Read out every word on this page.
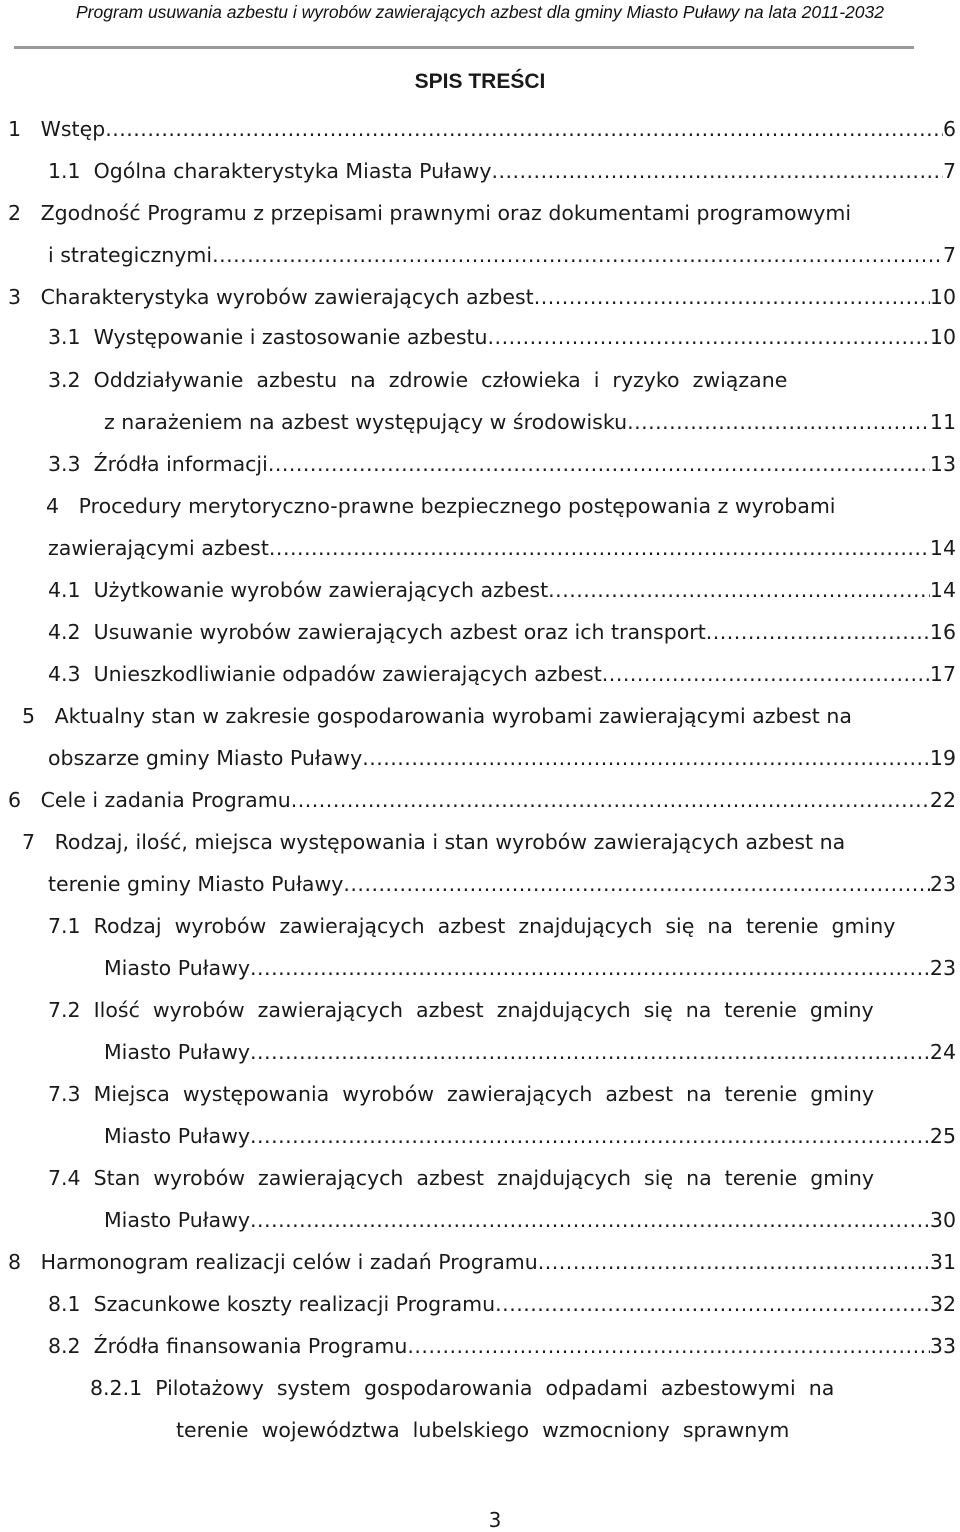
Program usuwania azbestu i wyrobów zawierających azbest dla gminy Miasto Puławy na lata 2011-2032
SPIS TREŚCI
1   Wstęp .....	6
1.1  Ogólna charakterystyka Miasta Puławy .....	7
2   Zgodność Programu z przepisami prawnymi oraz dokumentami programowymi
i strategicznymi .....	7
3   Charakterystyka wyrobów zawierających azbest .....	10
3.1  Występowanie i zastosowanie azbestu .....	10
3.2  Oddziaływanie  azbestu  na  zdrowie  człowieka  i  ryzyko  związane
z narażeniem na azbest występujący w środowisku .....	11
3.3  Źródła informacji .....	13
4   Procedury merytoryczno-prawne bezpiecznego postępowania z wyrobami
zawierającymi azbest .....	14
4.1  Użytkowanie wyrobów zawierających azbest .....	14
4.2  Usuwanie wyrobów zawierających azbest oraz ich transport .....	16
4.3  Unieszkodliwianie odpadów zawierających azbest .....	17
5   Aktualny stan w zakresie gospodarowania wyrobami zawierającymi azbest na
obszarze gminy Miasto Puławy .....	19
6   Cele i zadania Programu .....	22
7   Rodzaj, ilość, miejsca występowania i stan wyrobów zawierających azbest na
terenie gminy Miasto Puławy .....	23
7.1  Rodzaj  wyrobów  zawierających  azbest  znajdujących  się  na  terenie  gminy
Miasto Puławy .....	23
7.2  Ilość  wyrobów  zawierających  azbest  znajdujących  się  na  terenie  gminy
Miasto Puławy .....	24
7.3  Miejsca  występowania  wyrobów  zawierających  azbest  na  terenie  gminy
Miasto Puławy .....	25
7.4  Stan  wyrobów  zawierających  azbest  znajdujących  się  na  terenie  gminy
Miasto Puławy .....	30
8   Harmonogram realizacji celów i zadań Programu .....	31
8.1  Szacunkowe koszty realizacji Programu .....	32
8.2  Źródła finansowania Programu .....	33
8.2.1  Pilotażowy  system  gospodarowania  odpadami  azbestowymi  na
terenie  województwa  lubelskiego  wzmocniony  sprawnym
3
